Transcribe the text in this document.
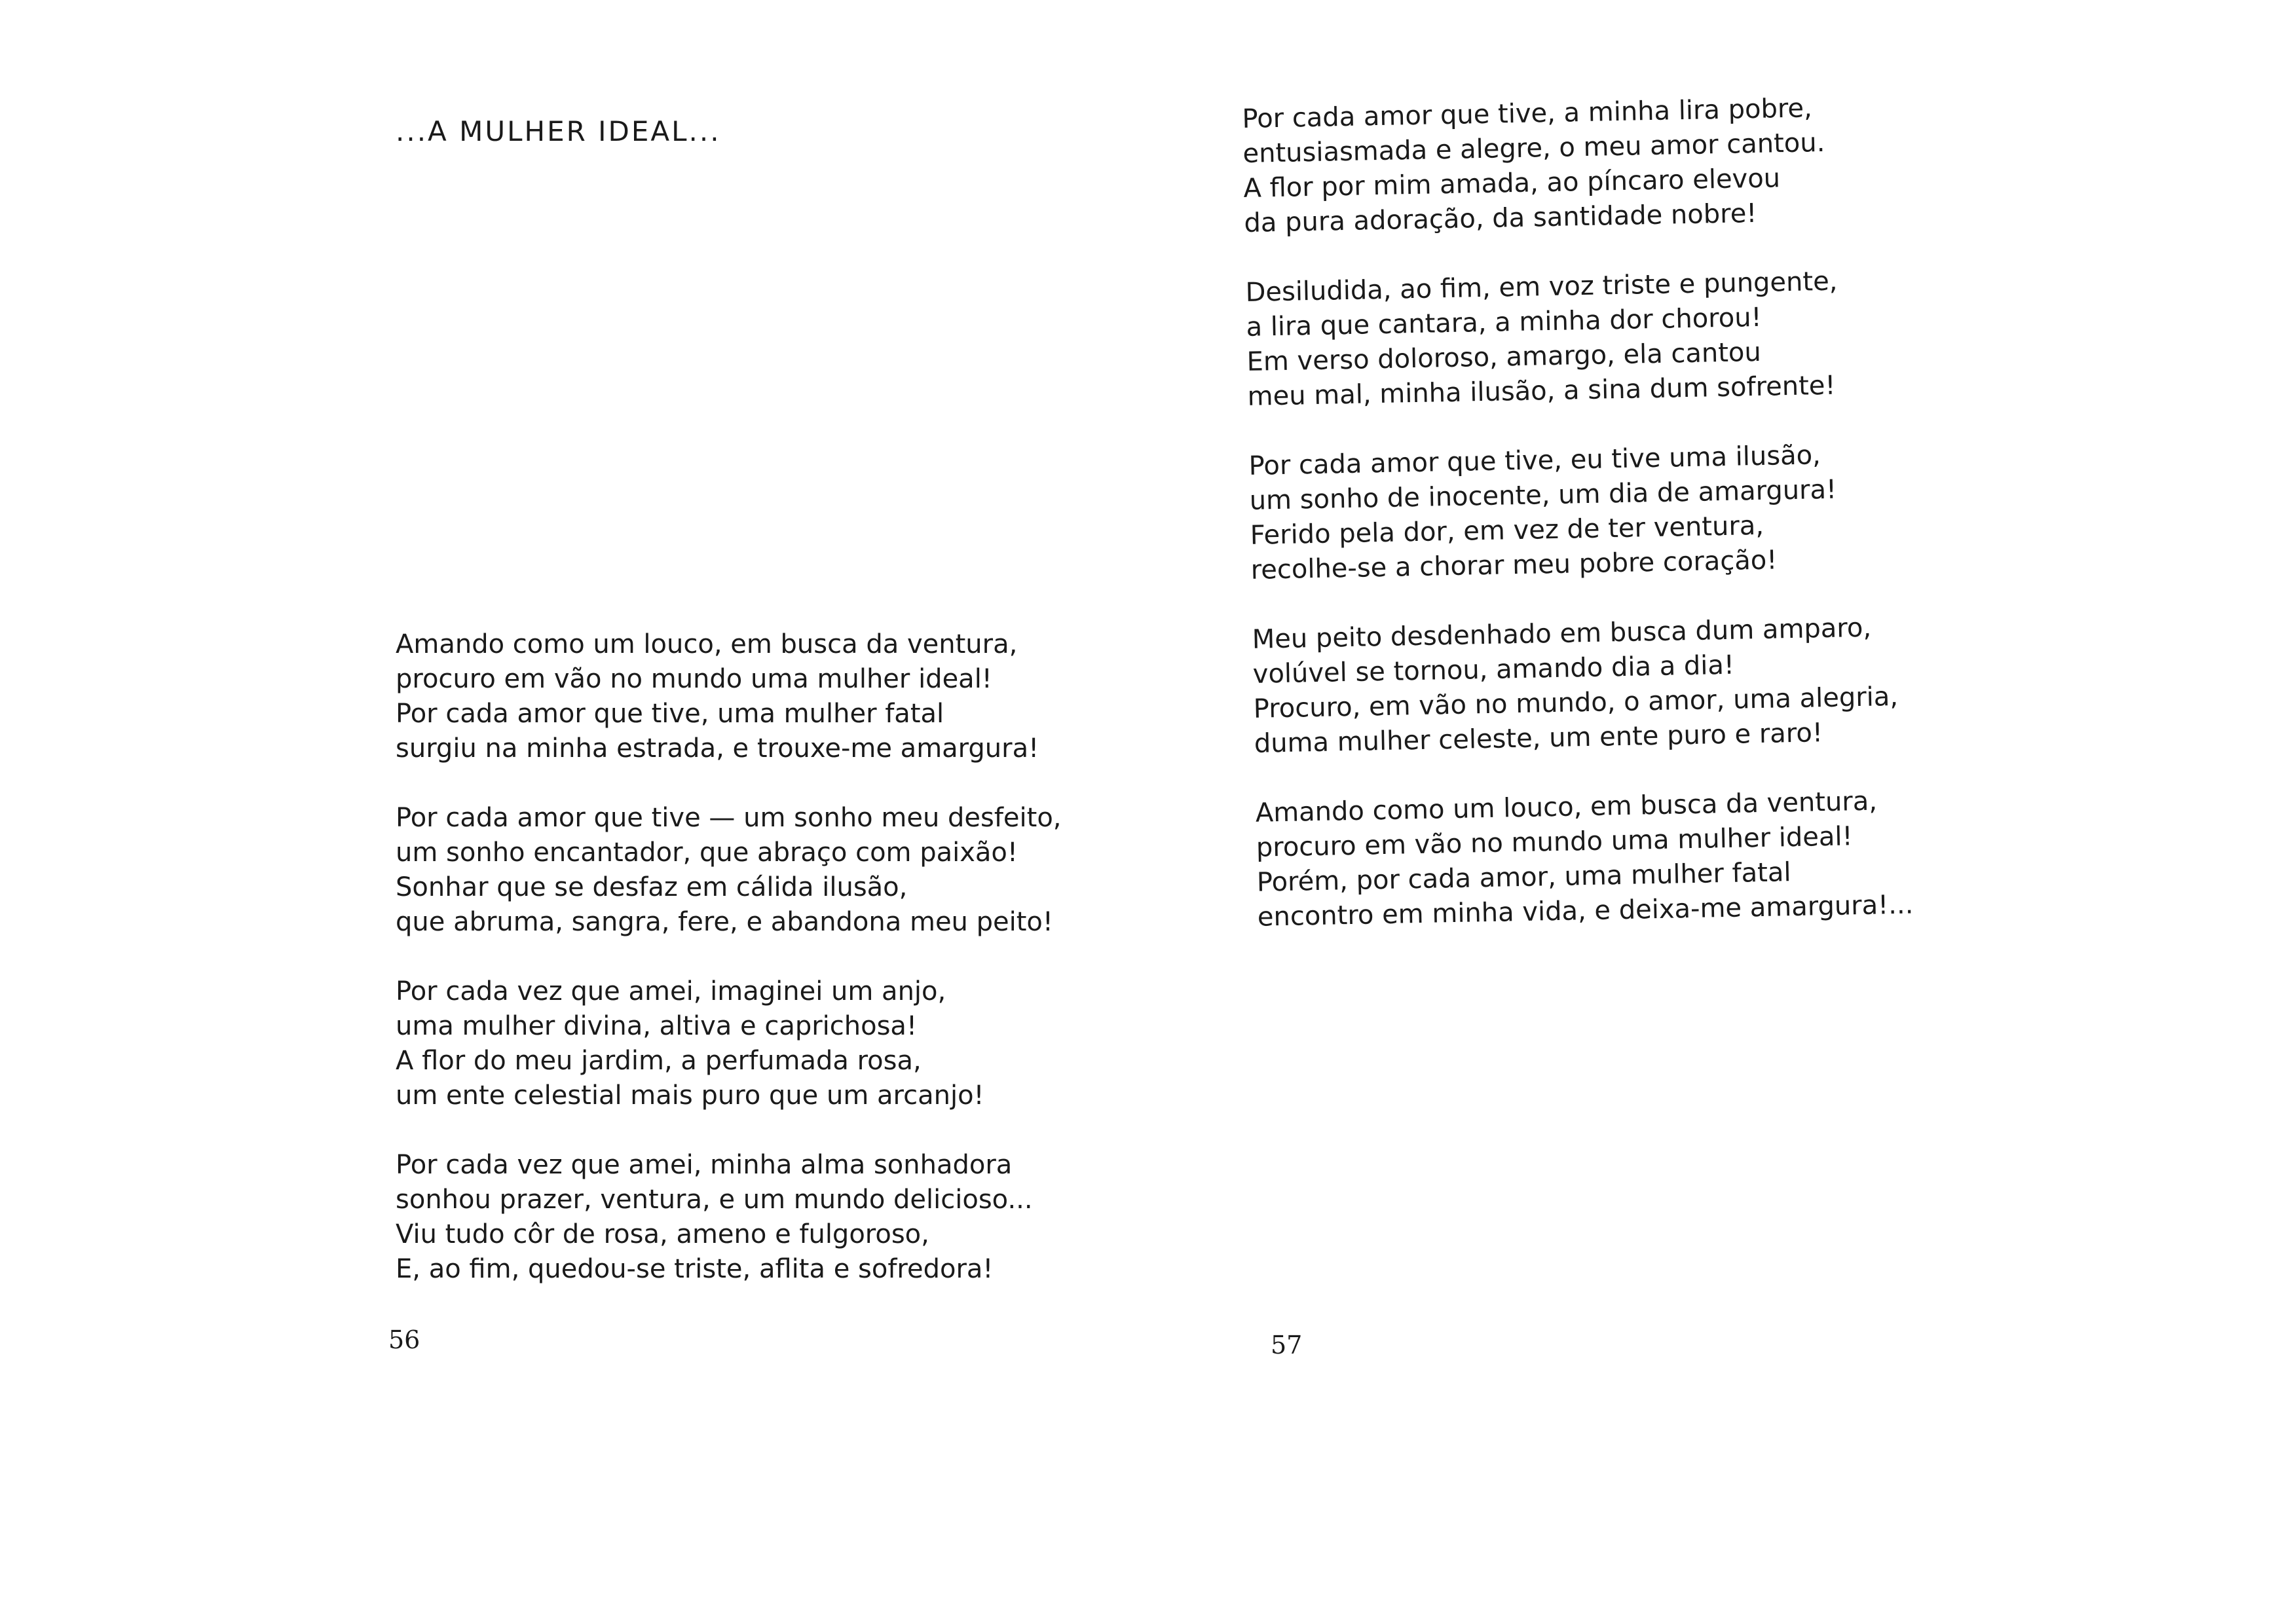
...A MULHER IDEAL...

Amando como um louco, em busca da ventura,
procuro em vão no mundo uma mulher ideal!
Por cada amor que tive, uma mulher fatal
surgiu na minha estrada, e trouxe-me amargura!

Por cada amor que tive — um sonho meu desfeito,
um sonho encantador, que abraço com paixão!
Sonhar que se desfaz em cálida ilusão,
que abruma, sangra, fere, e abandona meu peito!

Por cada vez que amei, imaginei um anjo,
uma mulher divina, altiva e caprichosa!
A flor do meu jardim, a perfumada rosa,
um ente celestial mais puro que um arcanjo!

Por cada vez que amei, minha alma sonhadora
sonhou prazer, ventura, e um mundo delicioso...
Viu tudo côr de rosa, ameno e fulgoroso,
E, ao fim, quedou-se triste, aflita e sofredora!

56

Por cada amor que tive, a minha lira pobre,
entusiasmada e alegre, o meu amor cantou.
A flor por mim amada, ao píncaro elevou
da pura adoração, da santidade nobre!

Desiludida, ao fim, em voz triste e pungente,
a lira que cantara, a minha dor chorou!
Em verso doloroso, amargo, ela cantou
meu mal, minha ilusão, a sina dum sofrente!

Por cada amor que tive, eu tive uma ilusão,
um sonho de inocente, um dia de amargura!
Ferido pela dor, em vez de ter ventura,
recolhe-se a chorar meu pobre coração!

Meu peito desdenhado em busca dum amparo,
volúvel se tornou, amando dia a dia!
Procuro, em vão no mundo, o amor, uma alegria,
duma mulher celeste, um ente puro e raro!

Amando como um louco, em busca da ventura,
procuro em vão no mundo uma mulher ideal!
Porém, por cada amor, uma mulher fatal
encontro em minha vida, e deixa-me amargura!...

57
